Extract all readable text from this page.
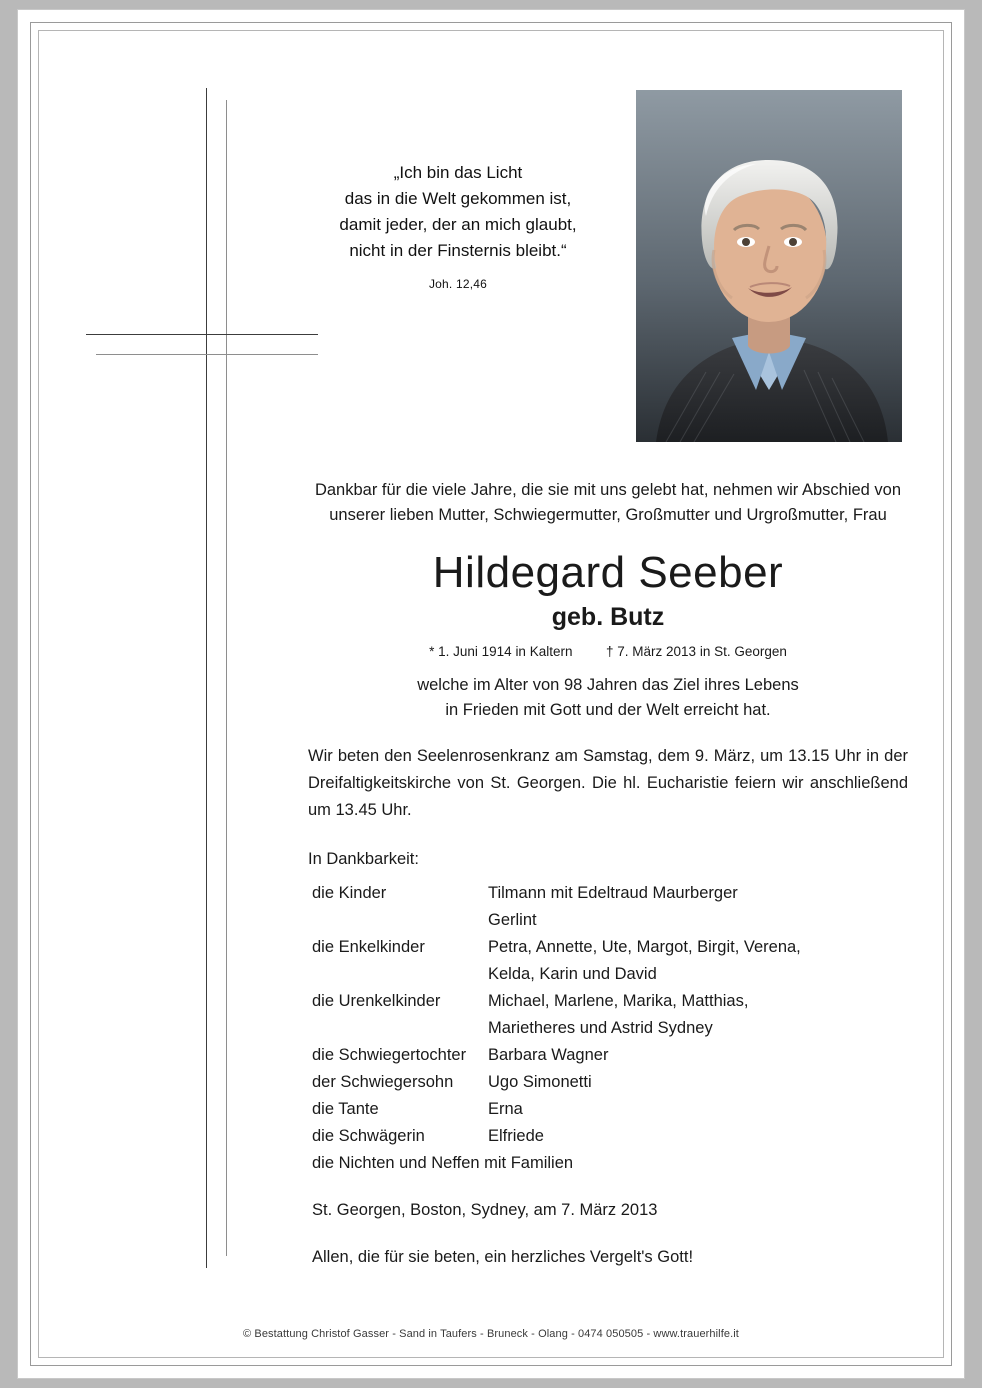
„Ich bin das Licht
das in die Welt gekommen ist,
damit jeder, der an mich glaubt,
nicht in der Finsternis bleibt.“
Joh. 12,46
Dankbar für die viele Jahre, die sie mit uns gelebt hat, nehmen wir Abschied von
unserer lieben Mutter, Schwiegermutter, Großmutter und Urgroßmutter, Frau
Hildegard Seeber
geb. Butz
* 1. Juni 1914 in Kaltern † 7. März 2013 in St. Georgen
welche im Alter von 98 Jahren das Ziel ihres Lebens
in Frieden mit Gott und der Welt erreicht hat.
Wir beten den Seelenrosenkranz am Samstag, dem 9. März, um 13.15 Uhr in der Dreifaltigkeitskirche von St. Georgen. Die hl. Eucharistie feiern wir anschließend um 13.45 Uhr.
In Dankbarkeit:
die Kinder	Tilmann mit Edeltraud Maurberger
Gerlint

die Enkelkinder	Petra, Annette, Ute, Margot, Birgit, Verena,
Kelda, Karin und David

die Urenkelkinder	Michael, Marlene, Marika, Matthias,
Marietheres und Astrid Sydney

die Schwiegertochter	Barbara Wagner
der Schwiegersohn	Ugo Simonetti
die Tante	Erna
die Schwägerin	Elfriede
die Nichten und Neffen mit Familien	
St. Georgen, Boston, Sydney, am 7. März 2013
Allen, die für sie beten, ein herzliches Vergelt's Gott!
© Bestattung Christof Gasser - Sand in Taufers - Bruneck - Olang - 0474 050505 - www.trauerhilfe.it
